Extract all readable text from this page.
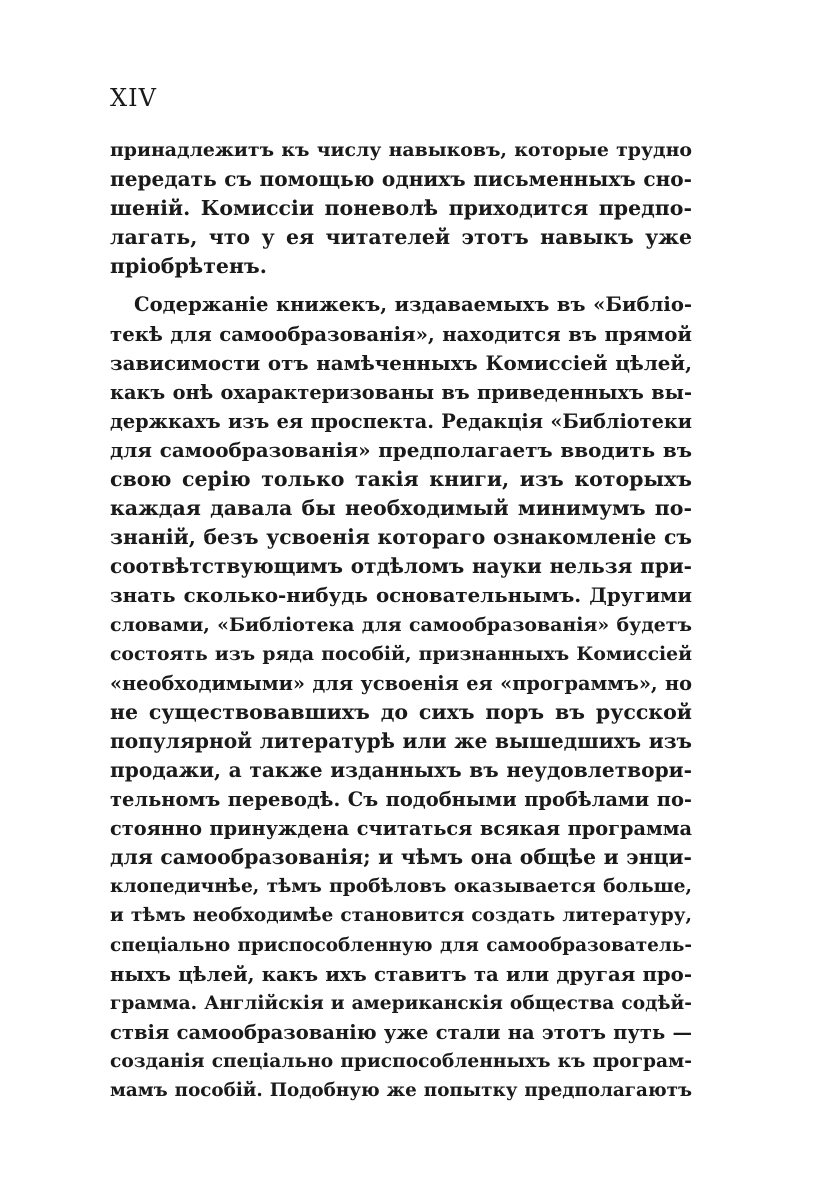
XIV
принадлежитъ къ числу навыковъ, которые трудно
передать съ помощью однихъ письменныхъ сно-
шеній. Комиссіи поневолѣ приходится предпо-
лагать, что у ея читателей этотъ навыкъ уже
пріобрѣтенъ.
Содержаніе книжекъ, издаваемыхъ въ «Библіо-
текѣ для самообразованія», находится въ прямой
зависимости отъ намѣченныхъ Комиссіей цѣлей,
какъ онѣ охарактеризованы въ приведенныхъ вы-
держкахъ изъ ея проспекта. Редакція «Библіотеки
для самообразованія» предполагаетъ вводить въ
свою серію только такія книги, изъ которыхъ
каждая давала бы необходимый минимумъ по-
знаній, безъ усвоенія котораго ознакомленіе съ
соотвѣтствующимъ отдѣломъ науки нельзя при-
знать сколько-нибудь основательнымъ. Другими
словами, «Библіотека для самообразованія» будетъ
состоять изъ ряда пособій, признанныхъ Комиссіей
«необходимыми» для усвоенія ея «программъ», но
не существовавшихъ до сихъ поръ въ русской
популярной литературѣ или же вышедшихъ изъ
продажи, а также изданныхъ въ неудовлетвори-
тельномъ переводѣ. Съ подобными пробѣлами по-
стоянно принуждена считаться всякая программа
для самообразованія; и чѣмъ она общѣе и энци-
клопедичнѣе, тѣмъ пробѣловъ оказывается больше,
и тѣмъ необходимѣе становится создать литературу,
спеціально приспособленную для самообразователь-
ныхъ цѣлей, какъ ихъ ставитъ та или другая про-
грамма. Англійскія и американскія общества содѣй-
ствія самообразованію уже стали на этотъ путь —
созданія спеціально приспособленныхъ къ програм-
мамъ пособій. Подобную же попытку предполагаютъ
